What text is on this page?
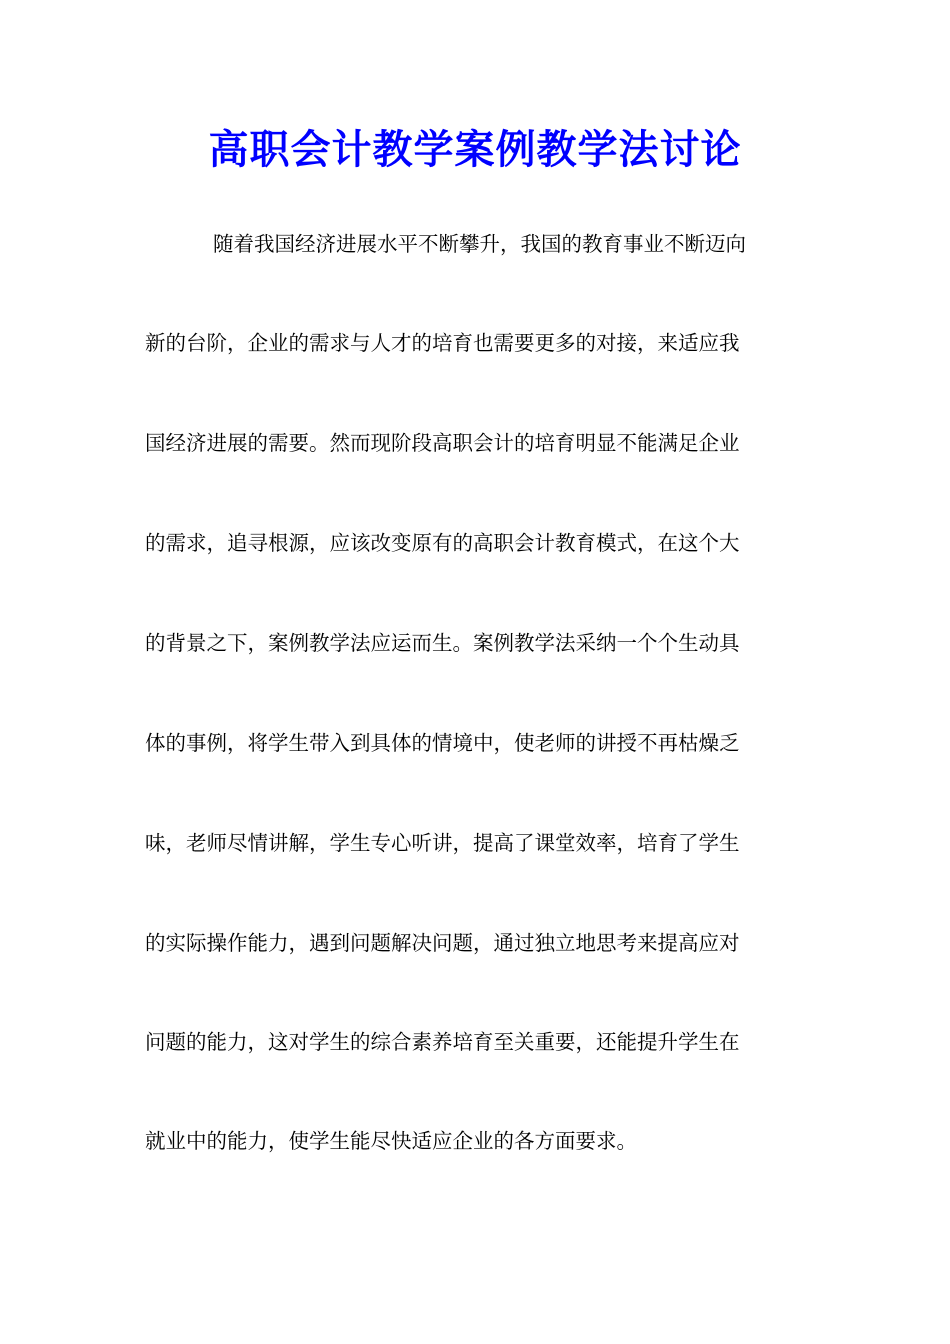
高职会计教学案例教学法讨论
随着我国经济进展水平不断攀升，我国的教育事业不断迈向
新的台阶，企业的需求与人才的培育也需要更多的对接，来适应我
国经济进展的需要。然而现阶段高职会计的培育明显不能满足企业
的需求，追寻根源，应该改变原有的高职会计教育模式，在这个大
的背景之下，案例教学法应运而生。案例教学法采纳一个个生动具
体的事例，将学生带入到具体的情境中，使老师的讲授不再枯燥乏
味，老师尽情讲解，学生专心听讲，提高了课堂效率，培育了学生
的实际操作能力，遇到问题解决问题，通过独立地思考来提高应对
问题的能力，这对学生的综合素养培育至关重要，还能提升学生在
就业中的能力，使学生能尽快适应企业的各方面要求。
